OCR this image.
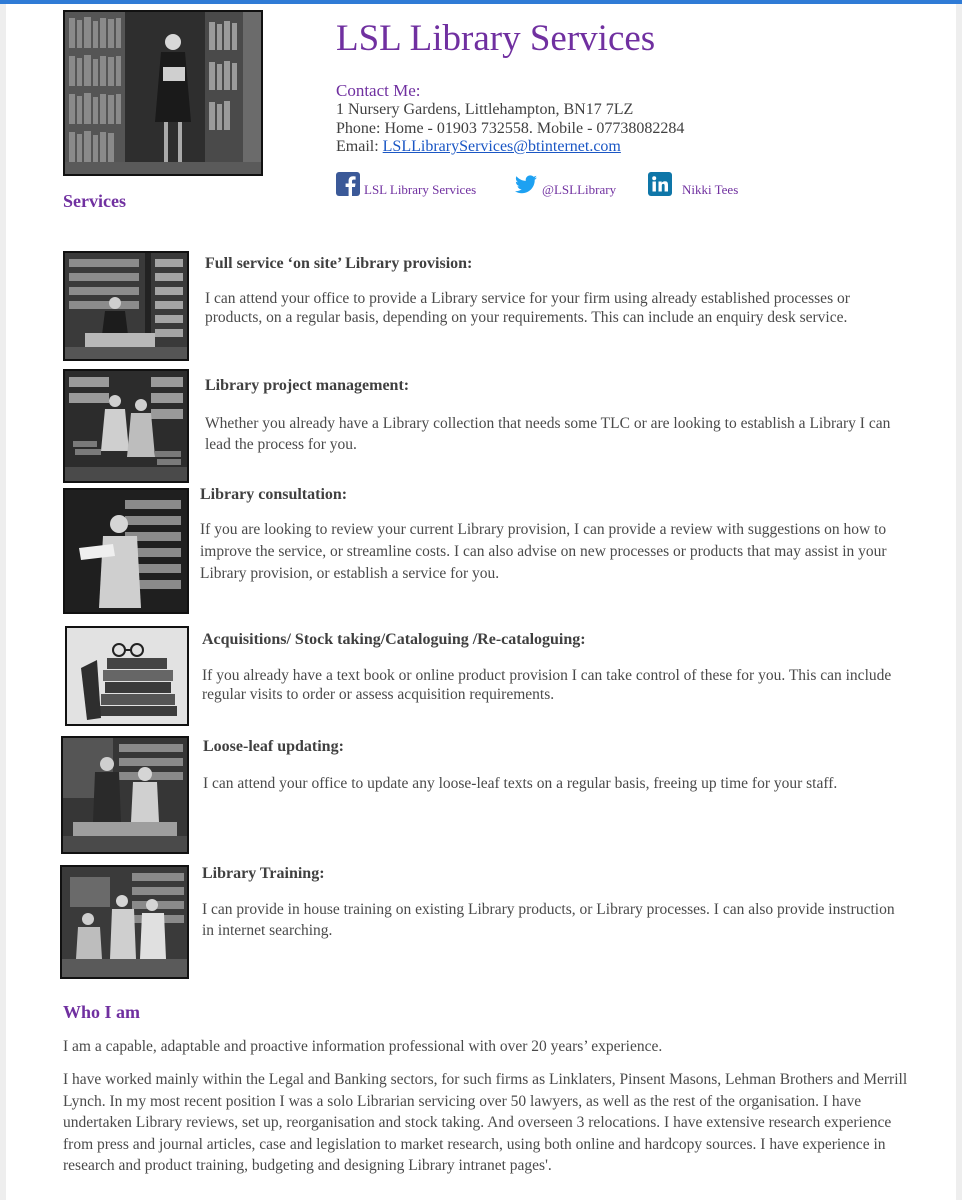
LSL Library Services
Contact Me:
1 Nursery Gardens, Littlehampton, BN17 7LZ
Phone: Home - 01903 732558. Mobile - 07738082284
Email: LSLLibraryServices@btinternet.com
LSL Library Services	@LSLLibrary	Nikki Tees
Services
Full service ‘on site’ Library provision:
I can attend your office to provide a Library service for your firm using already established processes or products, on a regular basis, depending on your requirements. This can include an enquiry desk service.
Library project management:
Whether you already have a Library collection that needs some TLC or are looking to establish a Library I can lead the process for you.
Library consultation:
If you are looking to review your current Library provision, I can provide a review with suggestions on how to improve the service, or streamline costs. I can also advise on new processes or products that may assist in your Library provision, or establish a service for you.
Acquisitions/ Stock taking/Cataloguing /Re-cataloguing:
If you already have a text book or online product provision I can take control of these for you. This can include regular visits to order or assess acquisition requirements.
Loose-leaf updating:
I can attend your office to update any loose-leaf texts on a regular basis, freeing up time for your staff.
Library Training:
I can provide in house training on existing Library products, or Library processes. I can also provide instruction in internet searching.
Who I am

I am a capable, adaptable and proactive information professional with over 20 years’ experience.

I have worked mainly within the Legal and Banking sectors, for such firms as Linklaters, Pinsent Masons, Lehman Brothers and Merrill Lynch. In my most recent position I was a solo Librarian servicing over 50 lawyers, as well as the rest of the organisation. I have undertaken Library reviews, set up, reorganisation and stock taking. And overseen 3 relocations. I have extensive research experience from press and journal articles, case and legislation to market research, using both online and hardcopy sources. I have experience in research and product training, budgeting and designing Library intranet pages'.
